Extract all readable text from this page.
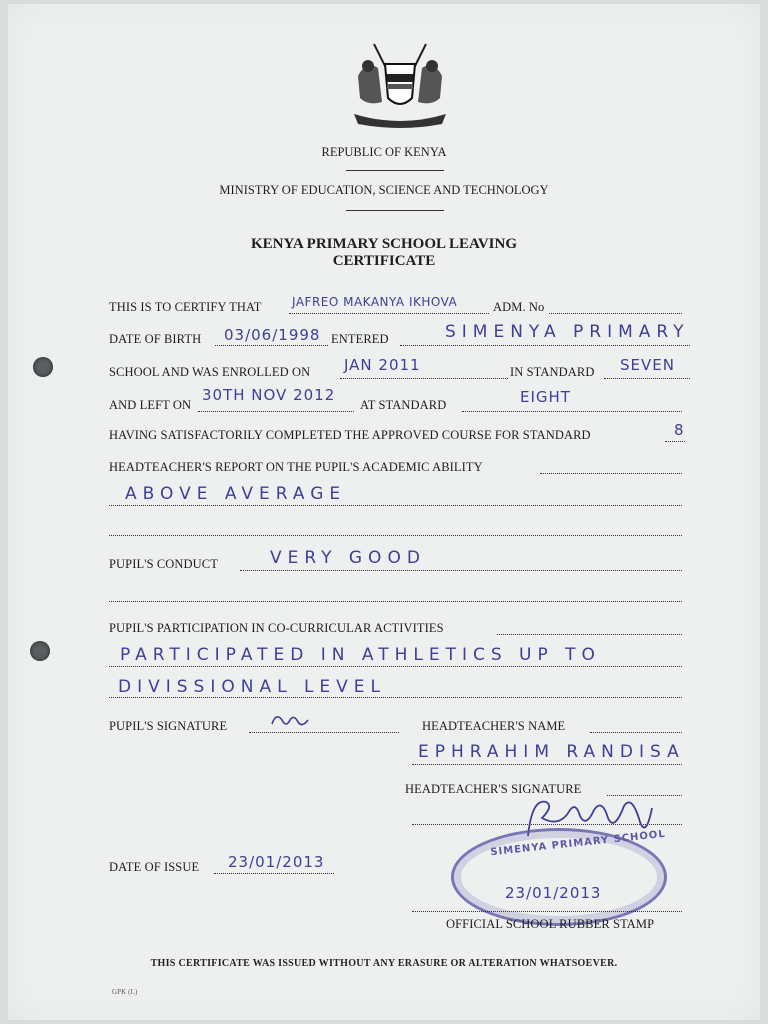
REPUBLIC OF KENYA
MINISTRY OF EDUCATION, SCIENCE AND TECHNOLOGY
KENYA PRIMARY SCHOOL LEAVING
CERTIFICATE
THIS IS TO CERTIFY THAT	JAFREO MAKANYA IKHOVA	ADM. No
DATE OF BIRTH 03/06/1998 ENTERED	SIMENYA PRIMARY
SCHOOL AND WAS ENROLLED ON JAN 2011	IN STANDARD SEVEN
AND LEFT ON
30TH NOV 2012
AT STANDARD	EIGHT
HAVING SATISFACTORILY COMPLETED THE APPROVED COURSE FOR STANDARD	8
HEADTEACHER'S REPORT ON THE PUPIL'S ACADEMIC ABILITY
ABOVE AVERAGE
PUPIL'S CONDUCT	VERY GOOD
PUPIL'S PARTICIPATION IN CO-CURRICULAR ACTIVITIES
PARTICIPATED IN ATHLETICS UP TO
DIVISSIONAL LEVEL
PUPIL'S SIGNATURE	HEADTEACHER'S NAME
EPHRAHIM RANDISA
HEADTEACHER'S SIGNATURE
DATE OF ISSUE 23/01/2013
SIMENYA PRIMARY SCHOOL
23/01/2013
OFFICIAL SCHOOL RUBBER STAMP
THIS CERTIFICATE WAS ISSUED WITHOUT ANY ERASURE OR ALTERATION WHATSOEVER.
GPK (L)
